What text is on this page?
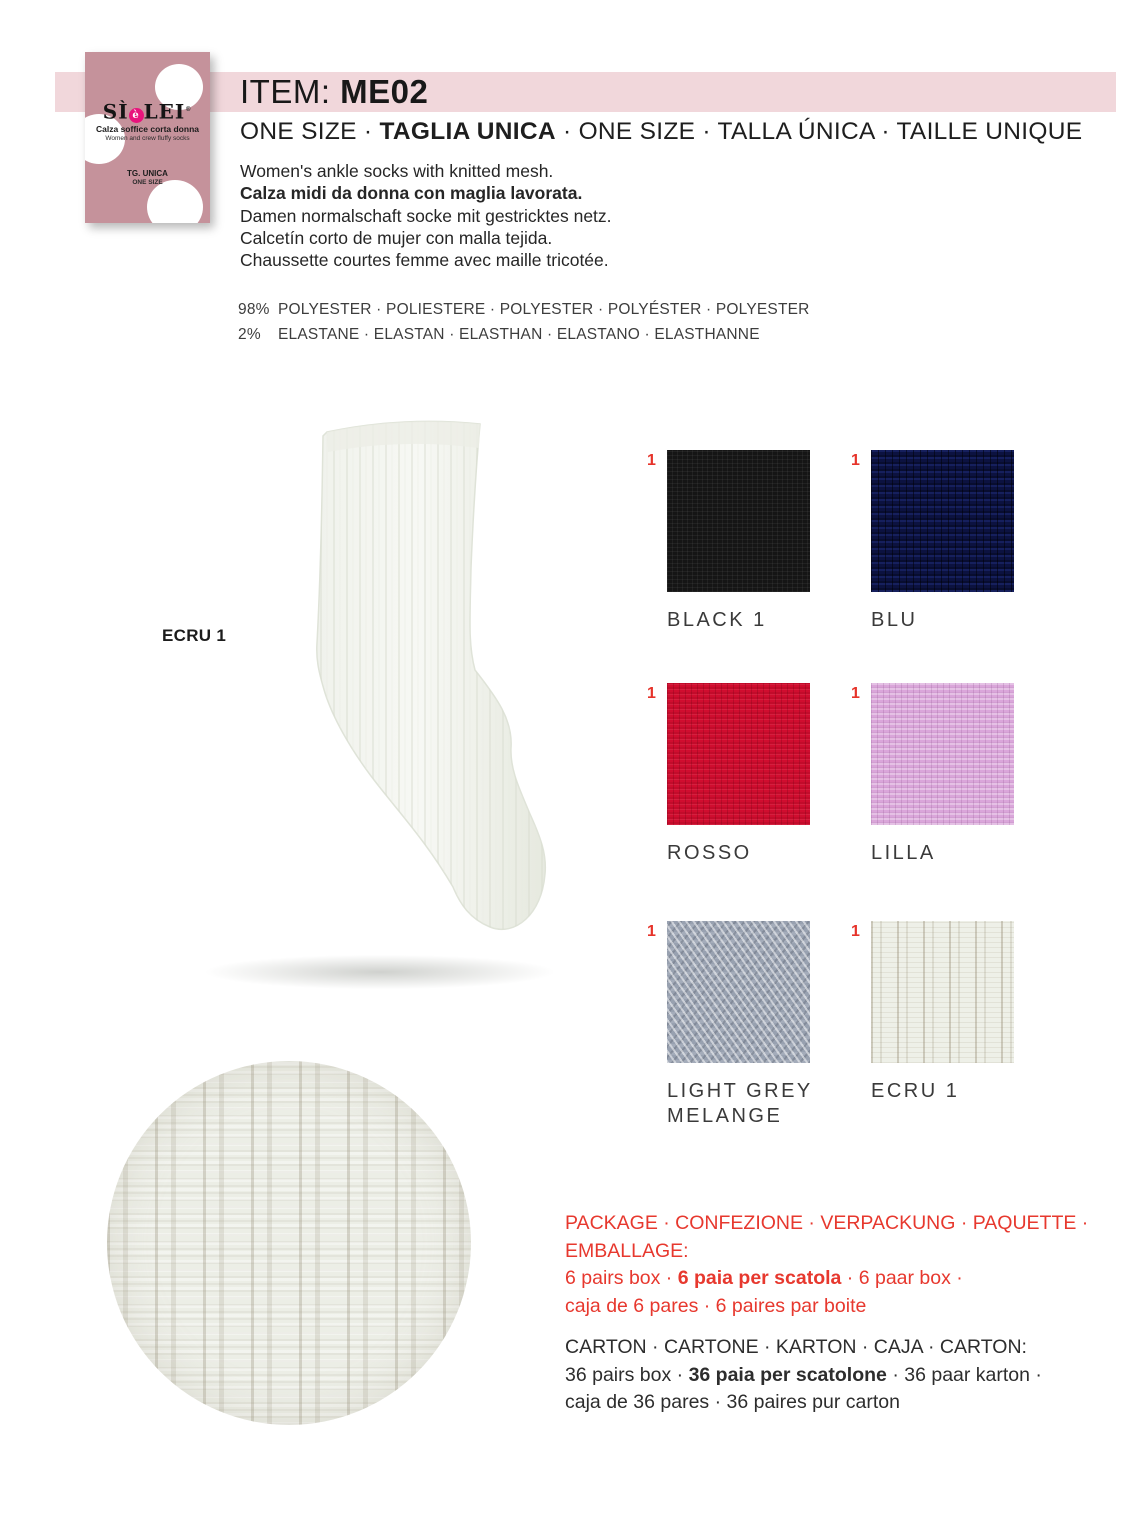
SÌ è LEI®
Calza soffice corta donna
Women and crew fluffy socks
TG. UNICA
ONE SIZE
ITEM: ME02
ONE SIZE · TAGLIA UNICA · ONE SIZE · TALLA ÚNICA · TAILLE UNIQUE
Women's ankle socks with knitted mesh.
Calza midi da donna con maglia lavorata.
Damen normalschaft socke mit gestricktes netz.
Calcetín corto de mujer con malla tejida.
Chaussette courtes femme avec maille tricotée.
98% POLYESTER · POLIESTERE · POLYESTER · POLYÉSTER · POLYESTER
2% ELASTANE · ELASTAN · ELASTHAN · ELASTANO · ELASTHANNE
ECRU 1
1
BLACK 1
1
BLU
1
ROSSO
1
LILLA
1
LIGHT GREY MELANGE
1
ECRU 1
PACKAGE · CONFEZIONE · VERPACKUNG · PAQUETTE · EMBALLAGE:
6 pairs box · 6 paia per scatola · 6 paar box ·
caja de 6 pares · 6 paires par boite
CARTON · CARTONE · KARTON · CAJA · CARTON:
36 pairs box · 36 paia per scatolone · 36 paar karton ·
caja de 36 pares · 36 paires pur carton
